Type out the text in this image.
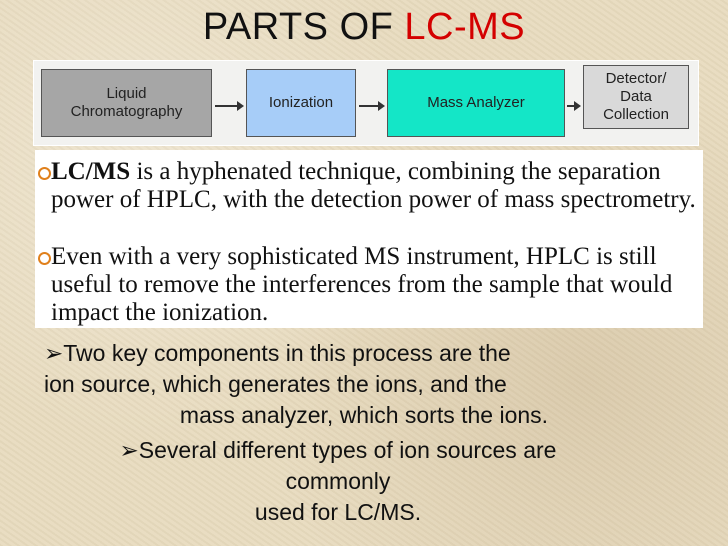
PARTS OF LC-MS
Liquid
Chromatography
Ionization	Mass Analyzer
Detector/
Data
Collection
LC/MS is a hyphenated technique, combining the separation power of HPLC, with the detection power of mass spectrometry.
Even with a very sophisticated MS instrument, HPLC is still useful to remove the interferences from the sample that would impact the ionization.
➢Two key components in this process are the
ion source, which generates the ions, and the
mass analyzer, which sorts the ions.
➢Several different types of ion sources are
commonly
used for LC/MS.
